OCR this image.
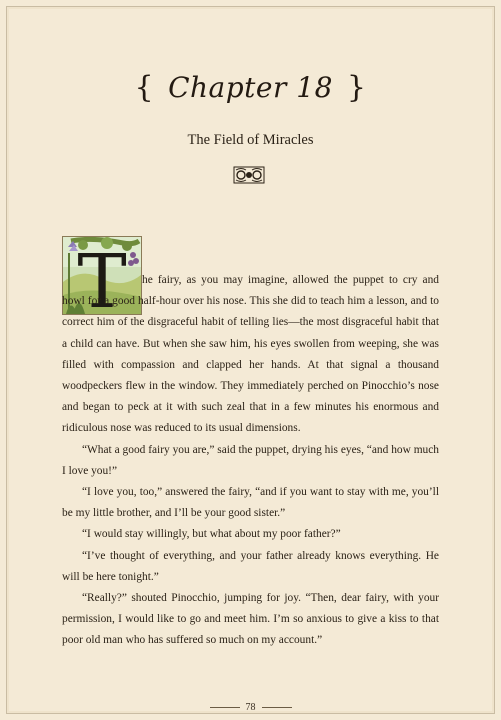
{ Chapter 18 }
The Field of Miracles
T	he fairy, as you may imagine, allowed the puppet to cry and howl for a good half-hour over his nose. This she did to teach him a lesson, and to correct him of the disgraceful habit of telling lies—the most disgraceful habit that a child can have. But when she saw him, his eyes swollen from weeping, she was filled with compassion and clapped her hands. At that signal a thousand woodpeckers flew in the window. They immediately perched on Pinocchio’s nose and began to peck at it with such zeal that in a few minutes his enormous and ridiculous nose was reduced to its usual dimensions.

“What a good fairy you are,” said the puppet, drying his eyes, “and how much I love you!”

“I love you, too,” answered the fairy, “and if you want to stay with me, you’ll be my little brother, and I’ll be your good sister.”

“I would stay willingly, but what about my poor father?”

“I’ve thought of everything, and your father already knows everything. He will be here tonight.”

“Really?” shouted Pinocchio, jumping for joy. “Then, dear fairy, with your permission, I would like to go and meet him. I’m so anxious to give a kiss to that poor old man who has suffered so much on my account.”

78
